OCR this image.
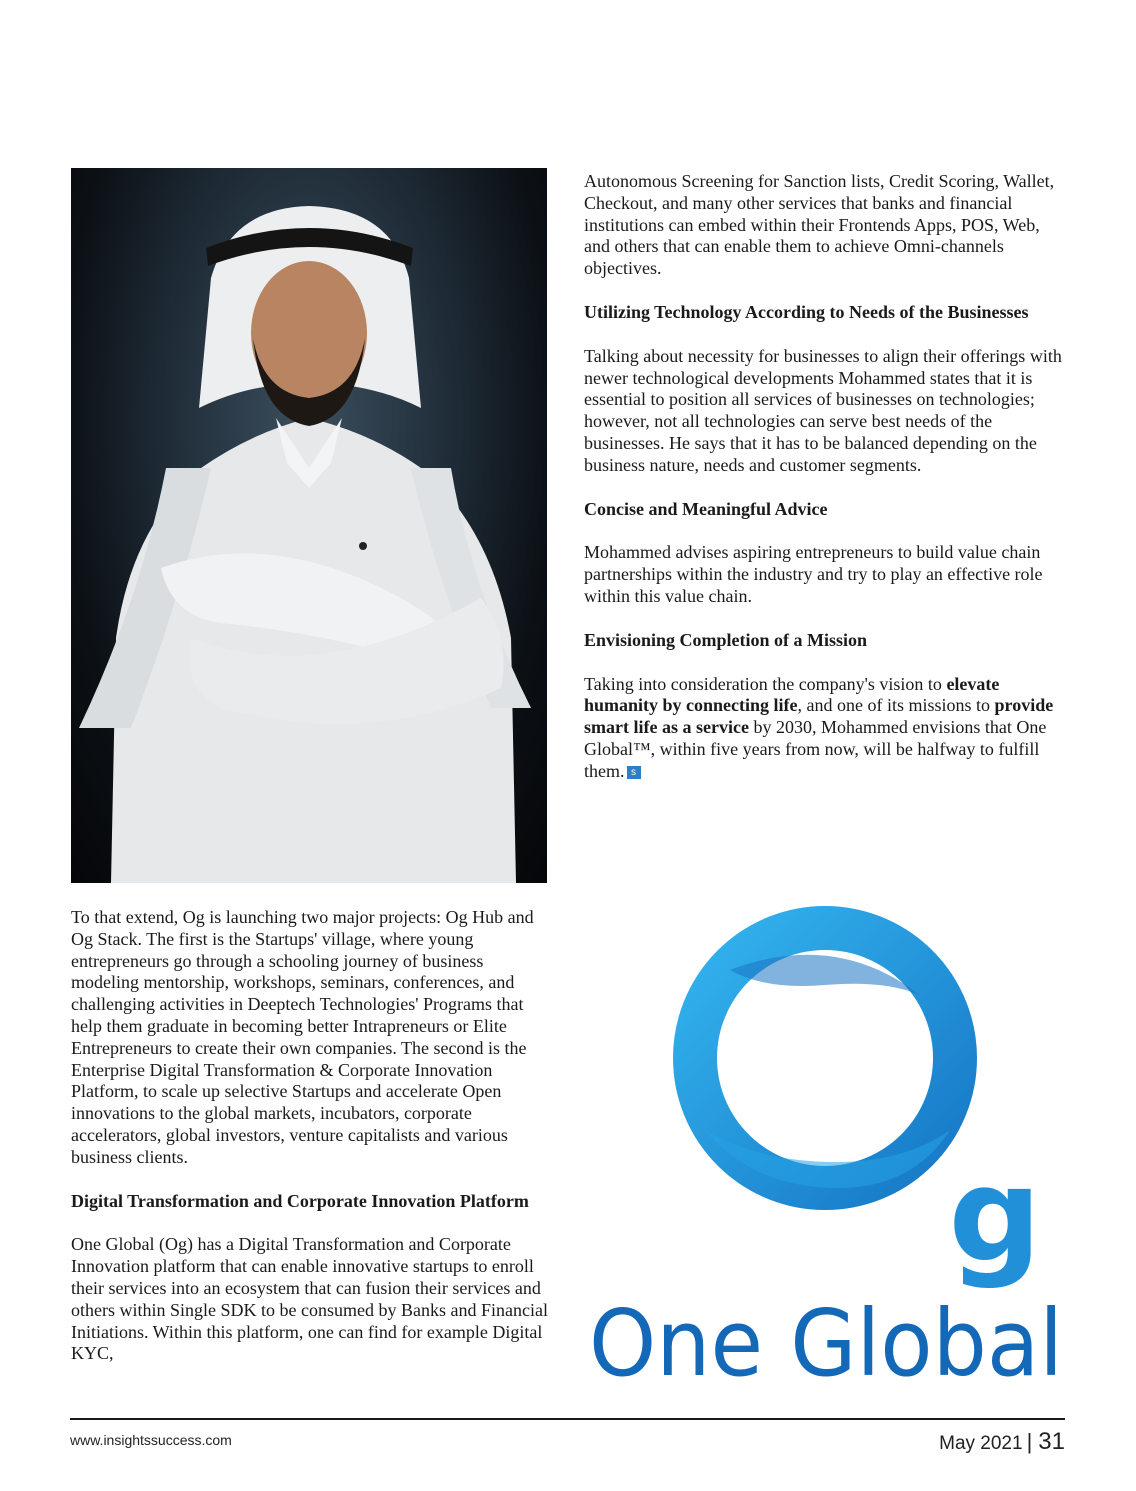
Autonomous Screening for Sanction lists, Credit Scoring, Wallet, Checkout, and many other services that banks and financial institutions can embed within their Frontends Apps, POS, Web, and others that can enable them to achieve Omni-channels objectives.

Utilizing Technology According to Needs of the Businesses

Talking about necessity for businesses to align their offerings with newer technological developments Mohammed states that it is essential to position all services of businesses on technologies; however, not all technologies can serve best needs of the businesses. He says that it has to be balanced depending on the business nature, needs and customer segments.

Concise and Meaningful Advice

Mohammed advises aspiring entrepreneurs to build value chain partnerships within the industry and try to play an effective role within this value chain.

Envisioning Completion of a Mission

Taking into consideration the company's vision to elevate humanity by connecting life, and one of its missions to provide smart life as a service by 2030, Mohammed envisions that One Global™, within five years from now, will be halfway to fulfill them. s

To that extend, Og is launching two major projects: Og Hub and Og Stack. The first is the Startups' village, where young entrepreneurs go through a schooling journey of business modeling mentorship, workshops, seminars, conferences, and challenging activities in Deeptech Technologies' Programs that help them graduate in becoming better Intrapreneurs or Elite Entrepreneurs to create their own companies. The second is the Enterprise Digital Transformation & Corporate Innovation Platform, to scale up selective Startups and accelerate Open innovations to the global markets, incubators, corporate accelerators, global investors, venture capitalists and various business clients.

Digital Transformation and Corporate Innovation Platform

One Global (Og) has a Digital Transformation and Corporate Innovation platform that can enable innovative startups to enroll their services into an ecosystem that can fusion their services and others within Single SDK to be consumed by Banks and Financial Initiations. Within this platform, one can find for example Digital KYC,

g
One Global
www.insightssuccess.com	May 2021 | 31
